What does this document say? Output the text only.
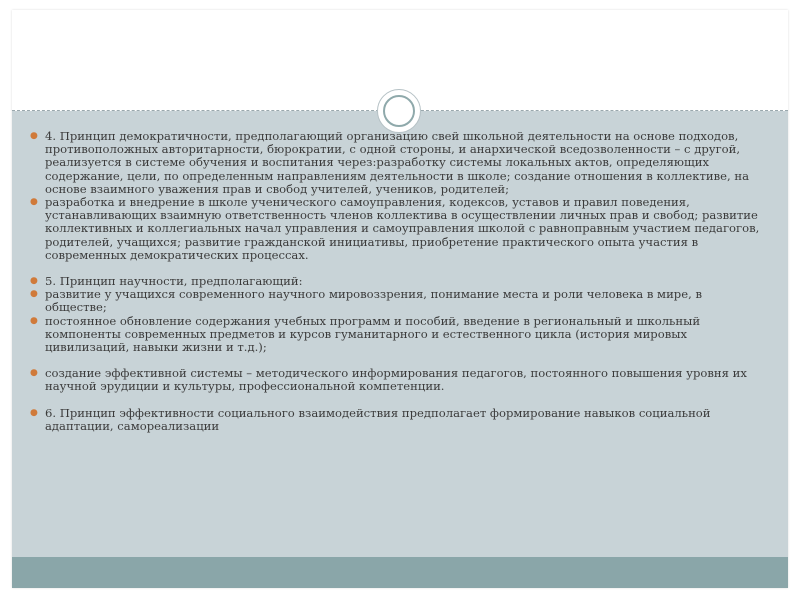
● 4. Принцип демократичности, предполагающий организацию свей школьной деятельности на основе подходов, противоположных авторитарности, бюрократии, с одной стороны, и анархической вседозволенности – с другой, реализуется в системе обучения и воспитания через:разработку системы локальных актов, определяющих содержание, цели, по определенным направлениям деятельности в школе; создание отношения в коллективе, на основе взаимного уважения прав и свобод учителей, учеников, родителей;
● разработка и внедрение в школе ученического самоуправления, кодексов, уставов и правил поведения, устанавливающих взаимную ответственность членов коллектива в осуществлении личных прав и свобод; развитие коллективных и коллегиальных начал управления и самоуправления школой с равноправным участием педагогов, родителей, учащихся; развитие гражданской инициативы, приобретение практического опыта участия в современных демократических процессах.
● 5. Принцип научности, предполагающий:
● развитие у учащихся современного научного мировоззрения, понимание места и роли человека в мире, в обществе;
● постоянное обновление содержания учебных программ и пособий, введение в региональный и школьный компоненты современных предметов и курсов гуманитарного и естественного цикла (история мировых цивилизаций, навыки жизни и т.д.);
● создание эффективной системы – методического информирования педагогов, постоянного повышения уровня их научной эрудиции и культуры, профессиональной компетенции.
● 6. Принцип эффективности социального взаимодействия предполагает формирование навыков социальной адаптации, самореализации
